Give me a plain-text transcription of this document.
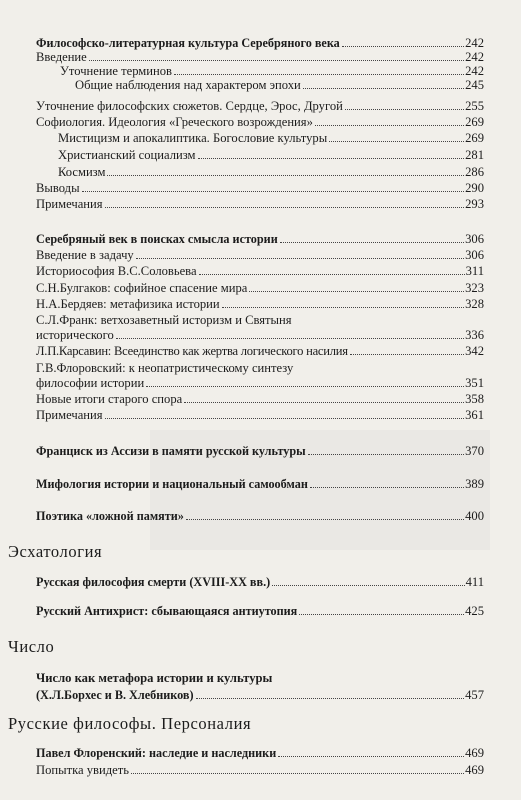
Философско-литературная культура Серебряного века	242
Введение	242
Уточнение терминов	242
Общие наблюдения над характером эпохи	245
Уточнение философских сюжетов. Сердце, Эрос, Другой	255
Софиология. Идеология «Греческого возрождения»	269
Мистицизм и апокалиптика. Богословие культуры	269
Христианский социализм	281
Космизм	286
Выводы	290
Примечания	293
Серебряный век в поисках смысла истории	306
Введение в задачу	306
Историософия В.С.Соловьева	311
С.Н.Булгаков: софийное спасение мира	323
Н.А.Бердяев: метафизика истории	328
С.Л.Франк: ветхозаветный историзм и Святыня
исторического	336
Л.П.Карсавин: Всеединство как жертва логического насилия	342
Г.В.Флоровский: к неопатристическому синтезу
философии истории	351
Новые итоги старого спора	358
Примечания	361
Франциск из Ассизи в памяти русской культуры	370
Мифология истории и национальный самообман	389
Поэтика «ложной памяти»	400
Эсхатология
Русская философия смерти (XVIII-XX вв.)	411
Русский Антихрист: сбывающаяся антиутопия	425
Число
Число как метафора истории и культуры
(Х.Л.Борхес и В. Хлебников)	457
Русские философы. Персоналия
Павел Флоренский: наследие и наследники	469
Попытка увидеть	469
